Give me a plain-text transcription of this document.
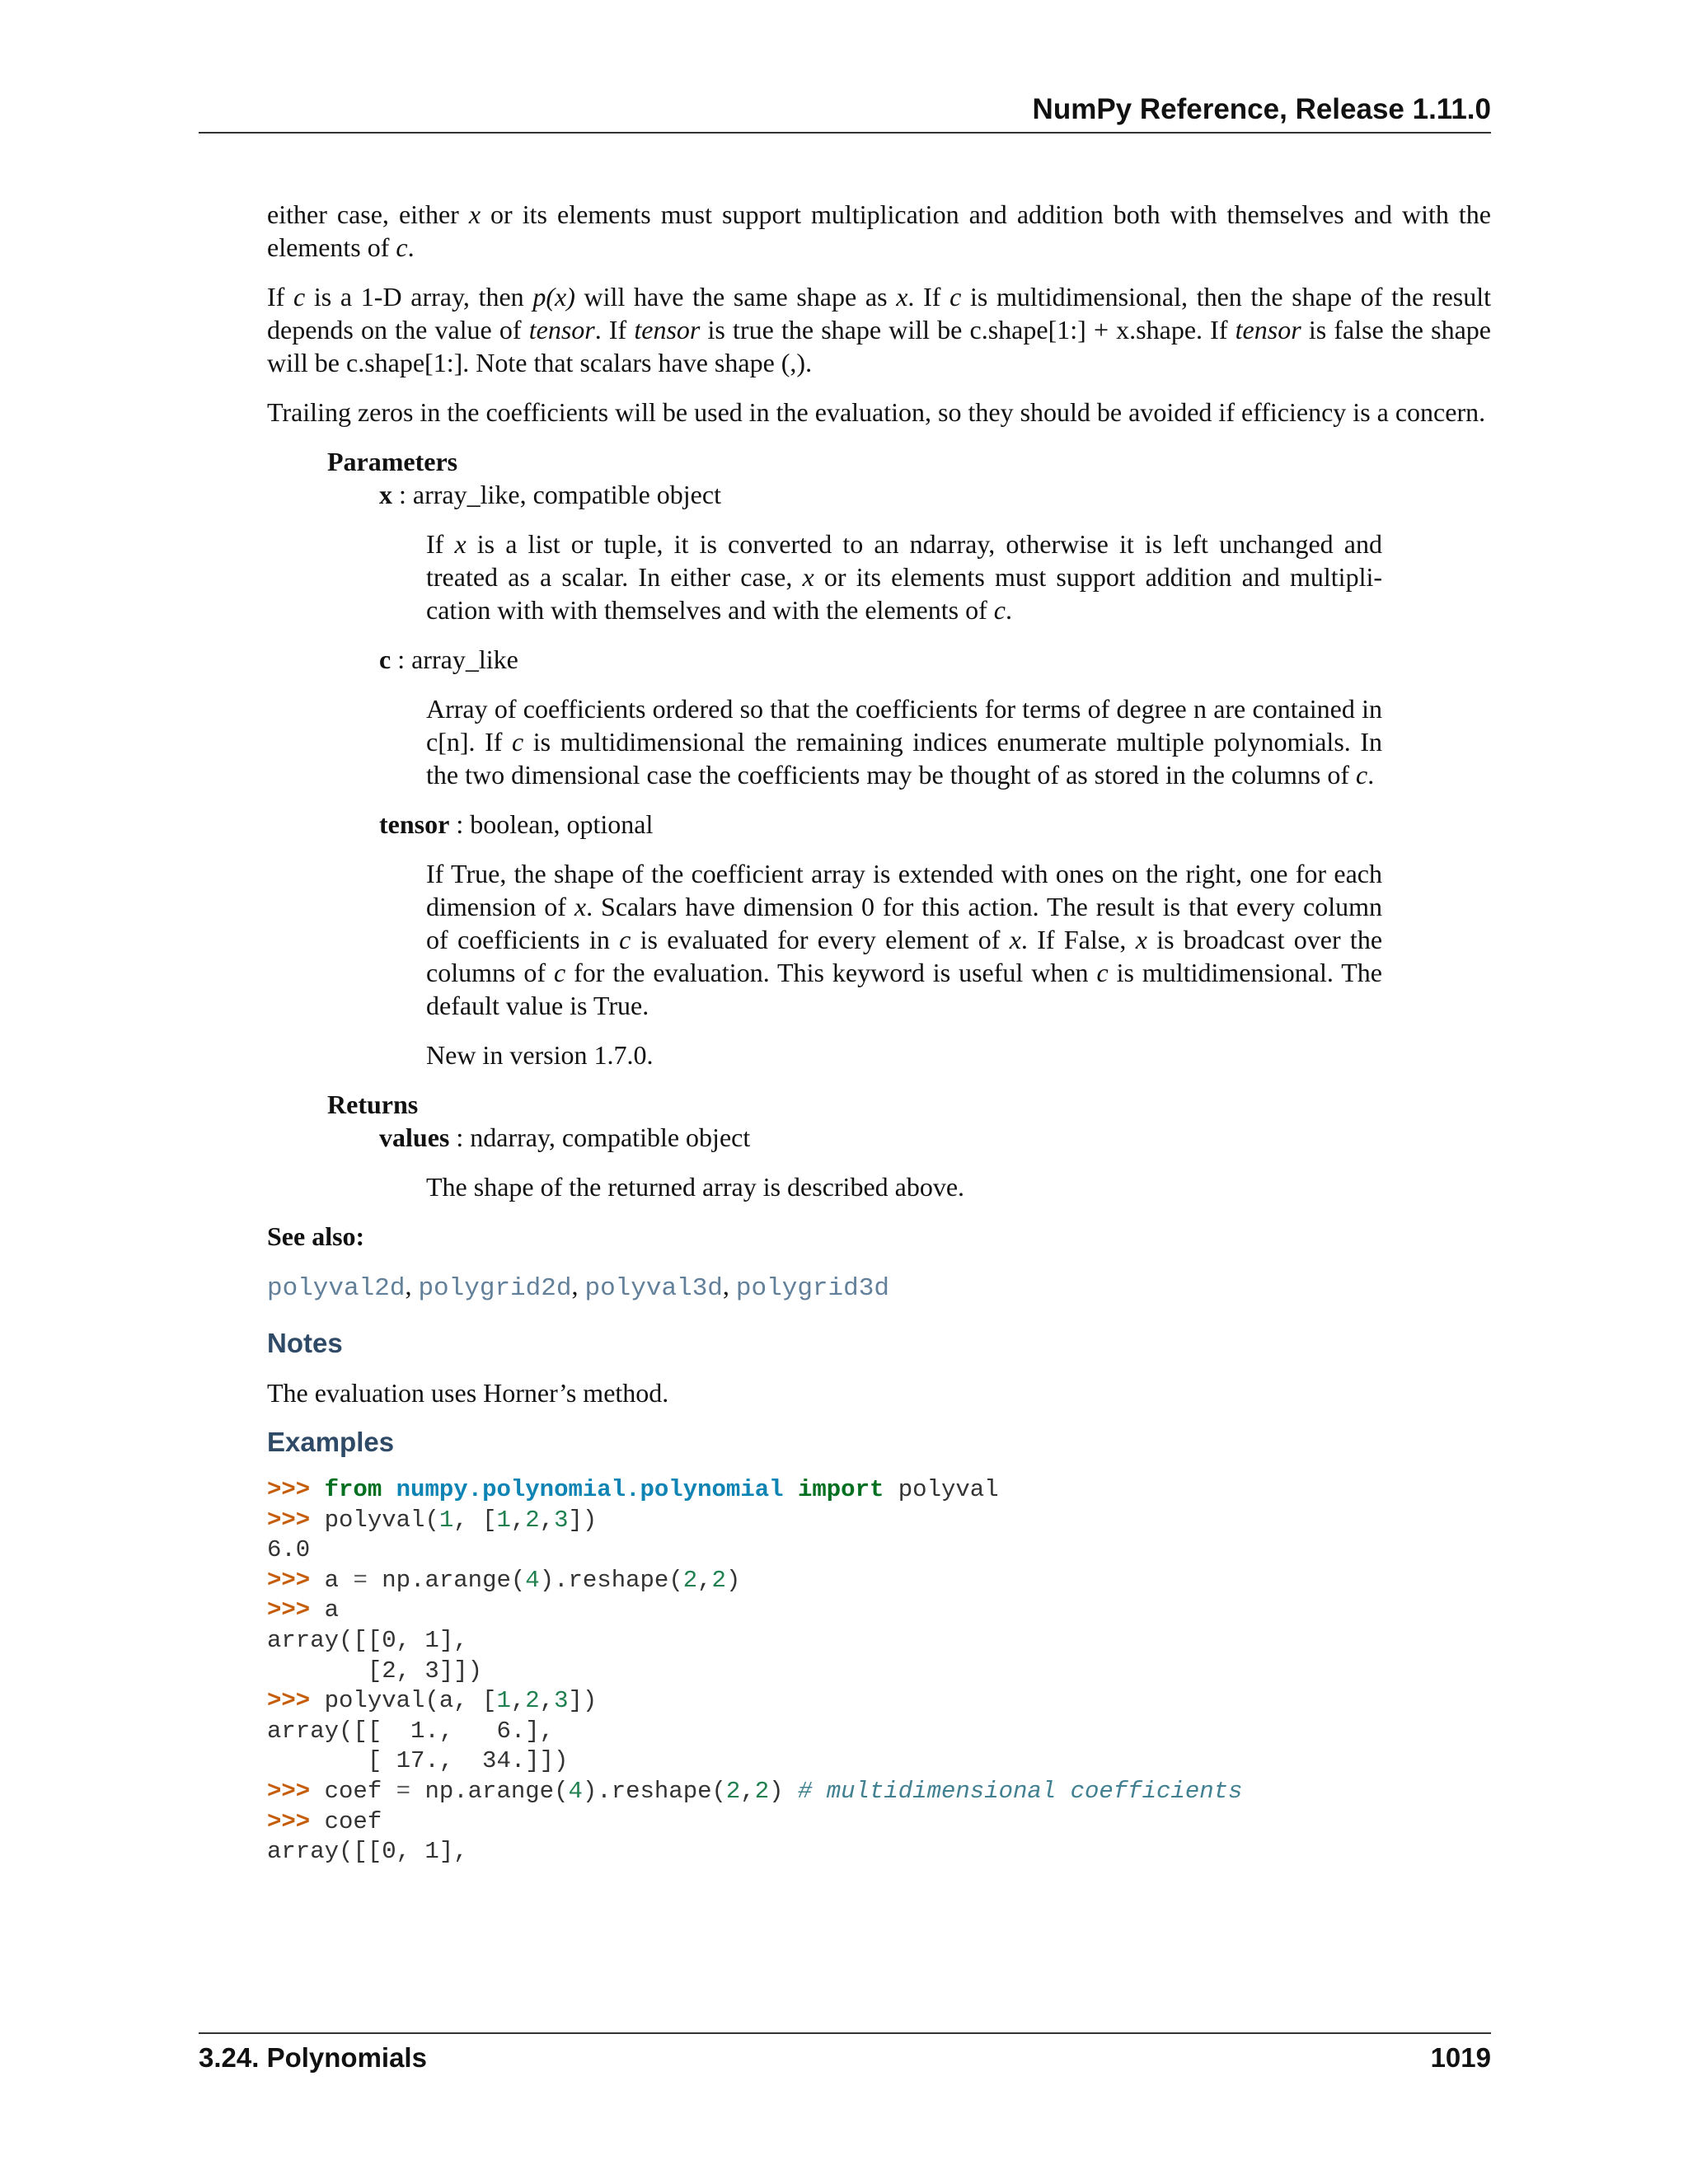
NumPy Reference, Release 1.11.0

either case, either x or its elements must support multiplication and addition both with themselves and with the elements of c.

If c is a 1-D array, then p(x) will have the same shape as x. If c is multidimensional, then the shape of the result depends on the value of tensor. If tensor is true the shape will be c.shape[1:] + x.shape. If tensor is false the shape will be c.shape[1:]. Note that scalars have shape (,).

Trailing zeros in the coefficients will be used in the evaluation, so they should be avoided if efficiency is a concern.

Parameters

x : array_like, compatible object

If x is a list or tuple, it is converted to an ndarray, otherwise it is left unchanged and treated as a scalar. In either case, x or its elements must support addition and multipli-cation with with themselves and with the elements of c.

c : array_like

Array of coefficients ordered so that the coefficients for terms of degree n are contained in c[n]. If c is multidimensional the remaining indices enumerate multiple polynomials. In the two dimensional case the coefficients may be thought of as stored in the columns of c.

tensor : boolean, optional

If True, the shape of the coefficient array is extended with ones on the right, one for each dimension of x. Scalars have dimension 0 for this action. The result is that every column of coefficients in c is evaluated for every element of x. If False, x is broadcast over the columns of c for the evaluation. This keyword is useful when c is multidimensional. The default value is True.

New in version 1.7.0.

Returns

values : ndarray, compatible object

The shape of the returned array is described above.

See also:

polyval2d, polygrid2d, polyval3d, polygrid3d

Notes

The evaluation uses Horner’s method.

Examples

>>> from numpy.polynomial.polynomial import polyval
>>> polyval(1, [1,2,3])
6.0
>>> a = np.arange(4).reshape(2,2)
>>> a
array([[0, 1],
[2, 3]])
>>> polyval(a, [1,2,3])
array([[  1.,   6.],
[ 17.,  34.]])
>>> coef = np.arange(4).reshape(2,2) # multidimensional coefficients
>>> coef
array([[0, 1],
3.24. Polynomials	1019
